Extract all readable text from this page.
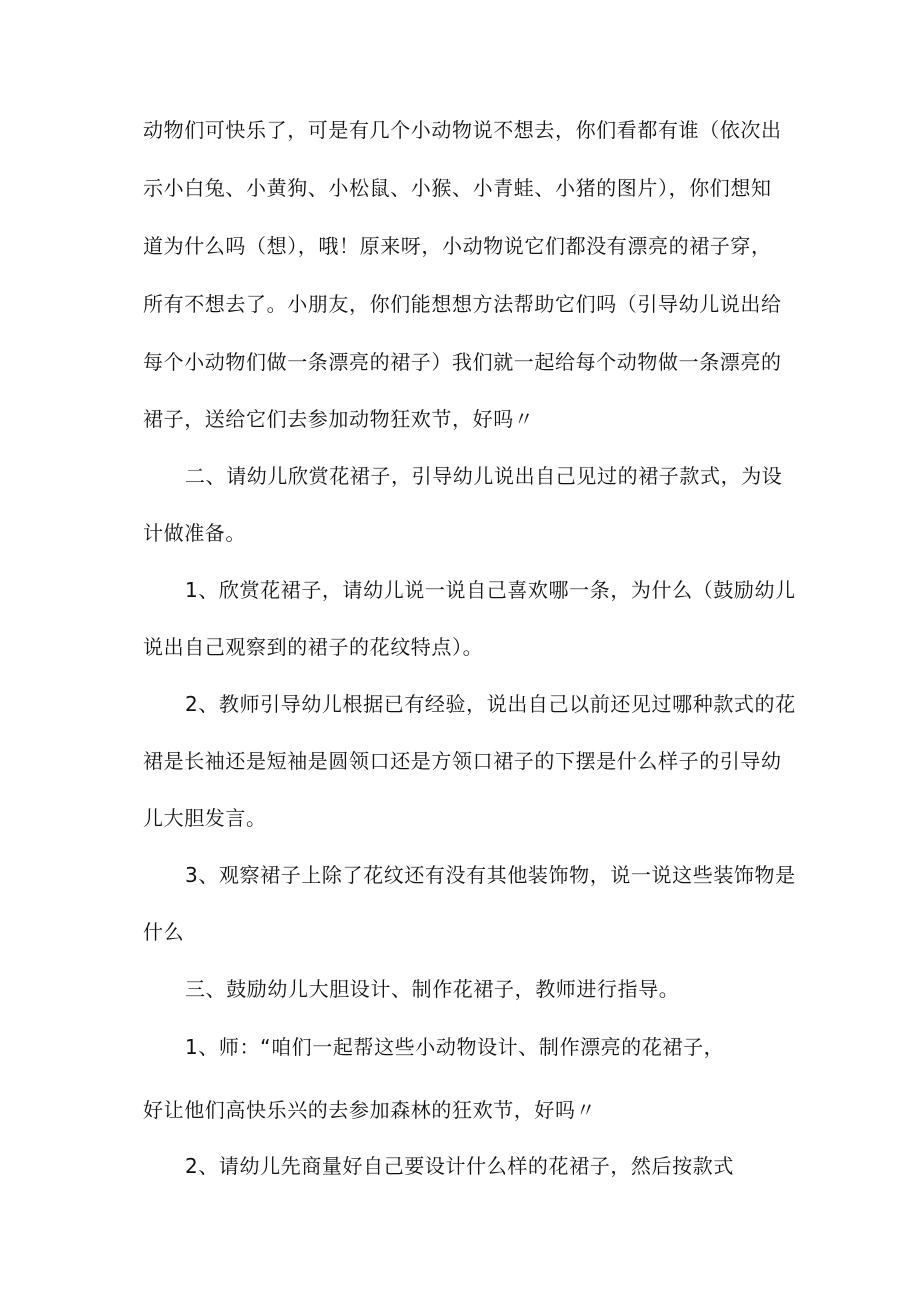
动物们可快乐了，可是有几个小动物说不想去，你们看都有谁（依次出
示小白兔、小黄狗、小松鼠、小猴、小青蛙、小猪的图片），你们想知
道为什么吗（想），哦！原来呀，小动物说它们都没有漂亮的裙子穿，
所有不想去了。小朋友，你们能想想方法帮助它们吗（引导幼儿说出给
每个小动物们做一条漂亮的裙子）我们就一起给每个动物做一条漂亮的
裙子，送给它们去参加动物狂欢节，好吗〃
二、请幼儿欣赏花裙子，引导幼儿说出自己见过的裙子款式，为设
计做准备。
1、欣赏花裙子，请幼儿说一说自己喜欢哪一条，为什么（鼓励幼儿
说出自己观察到的裙子的花纹特点）。
2、教师引导幼儿根据已有经验，说出自己以前还见过哪种款式的花
裙是长袖还是短袖是圆领口还是方领口裙子的下摆是什么样子的引导幼
儿大胆发言。
3、观察裙子上除了花纹还有没有其他装饰物，说一说这些装饰物是
什么
三、鼓励幼儿大胆设计、制作花裙子，教师进行指导。
1、师：“咱们一起帮这些小动物设计、制作漂亮的花裙子，
好让他们高快乐兴的去参加森林的狂欢节，好吗〃
2、请幼儿先商量好自己要设计什么样的花裙子，然后按款式
